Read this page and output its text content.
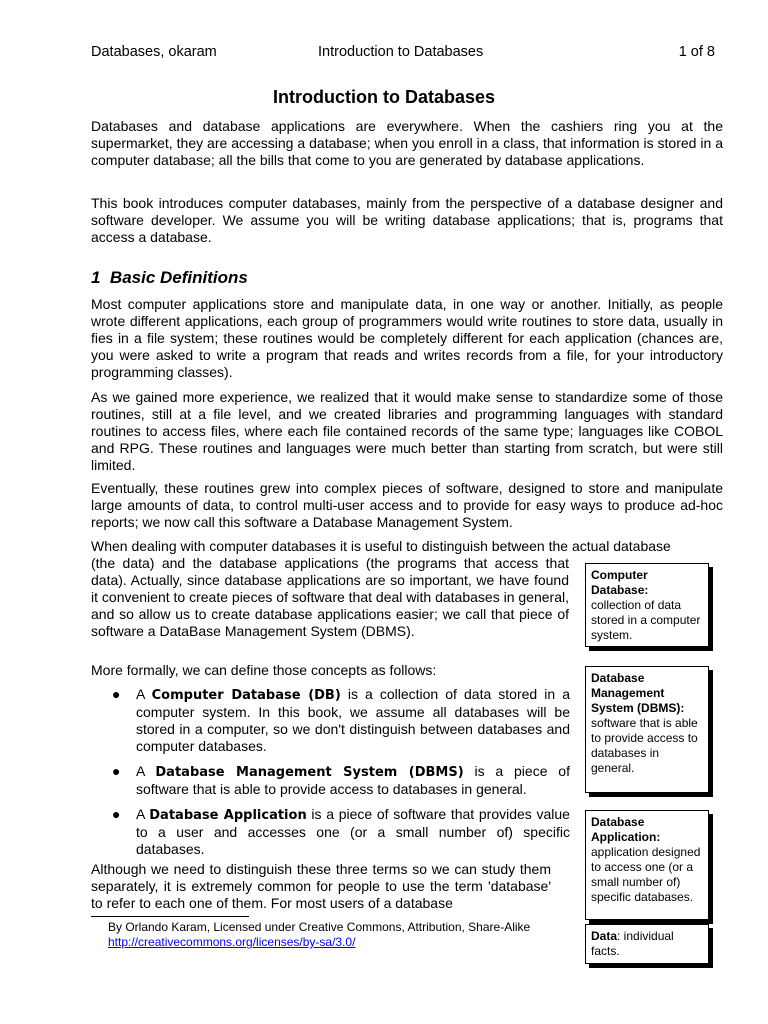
Databases, okaram	Introduction to Databases	1 of 8
Introduction to Databases
Databases and database applications are everywhere. When the cashiers ring you at the supermarket, they are accessing a database; when you enroll in a class, that information is stored in a computer database; all the bills that come to you are generated by database applications.
This book introduces computer databases, mainly from the perspective of a database designer and software developer. We assume you will be writing database applications; that is, programs that access a database.
1 Basic Definitions
Most computer applications store and manipulate data, in one way or another. Initially, as people wrote different applications, each group of programmers would write routines to store data, usually in fies in a file system; these routines would be completely different for each application (chances are, you were asked to write a program that reads and writes records from a file, for your introductory programming classes).
As we gained more experience, we realized that it would make sense to standardize some of those routines, still at a file level, and we created libraries and programming languages with standard routines to access files, where each file contained records of the same type; languages like COBOL and RPG. These routines and languages were much better than starting from scratch, but were still limited.
Eventually, these routines grew into complex pieces of software, designed to store and manipulate large amounts of data, to control multi-user access and to provide for easy ways to produce ad-hoc reports; we now call this software a Database Management System.
When dealing with computer databases it is useful to distinguish between the actual database
(the data) and the database applications (the programs that access that data). Actually, since database applications are so important, we have found it convenient to create pieces of software that deal with databases in general, and so allow us to create database applications easier; we call that piece of software a DataBase Management System (DBMS).
More formally, we can define those concepts as follows:
● A Computer Database (DB) is a collection of data stored in a computer system. In this book, we assume all databases will be stored in a computer, so we don't distinguish between databases and computer databases.
● A Database Management System (DBMS) is a piece of software that is able to provide access to databases in general.
● A Database Application is a piece of software that provides value to a user and accesses one (or a small number of) specific databases.
Although we need to distinguish these three terms so we can study them separately, it is extremely common for people to use the term 'database' to refer to each one of them. For most users of a database
By Orlando Karam, Licensed under Creative Commons, Attribution, Share-Alike
http://creativecommons.org/licenses/by-sa/3.0/
Computer Database:
collection of data stored in a computer system.
Database Management System (DBMS):
software that is able to provide access to databases in general.
Database Application:
application designed to access one (or a small number of) specific databases.
Data: individual facts.
